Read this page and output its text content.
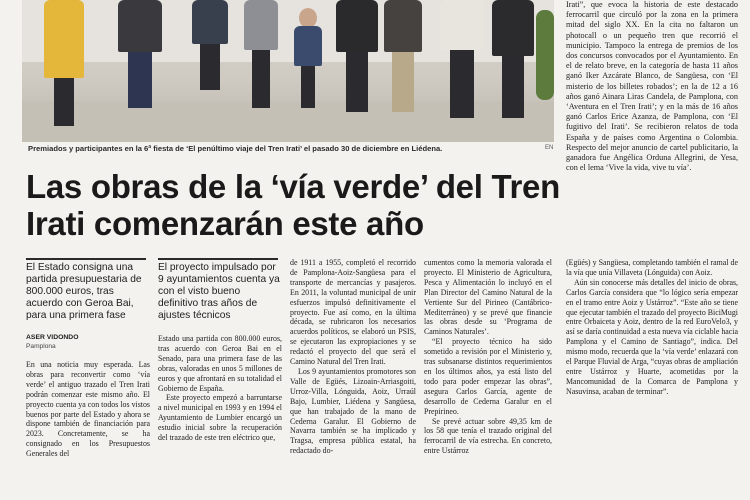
Premiados y participantes en la 6ª fiesta de ‘El penúltimo viaje del Tren Irati’ el pasado 30 de diciembre en Liédena.	EN
Irati”, que evoca la historia de este destacado ferrocarril que circuló por la zona en la primera mitad del siglo XX. En la cita no faltaron un photocall o un pequeño tren que recorrió el municipio. Tampoco la entrega de premios de los dos concursos convocados por el Ayuntamiento. En el de relato breve, en la categoría de hasta 11 años ganó Iker Azcárate Blanco, de Sangüesa, con ‘El misterio de los billetes robados’; en la de 12 a 16 años ganó Ainara Liras Candela, de Pamplona, con ‘Aventura en el Tren Irati’; y en la más de 16 años ganó Carlos Erice Azanza, de Pamplona, con ‘El fugitivo del Irati’. Se recibieron relatos de toda España y de países como Argentina o Colombia. Respecto del mejor anuncio de cartel publicitario, la ganadora fue Angélica Orduna Allegrini, de Yesa, con el lema ‘Vive la vida, vive tu vía’.
Las obras de la ‘vía verde’ del Tren Irati comenzarán este año
El Estado consigna una partida presupuestaria de 800.000 euros, tras acuerdo con Geroa Bai, para una primera fase
El proyecto impulsado por 9 ayuntamientos cuenta ya con el visto bueno definitivo tras años de ajustes técnicos
ASER VIDONDO
Pamplona
En una noticia muy esperada. Las obras para reconvertir como ‘vía verde’ el antiguo trazado el Tren Irati podrán comenzar este mismo año. El proyecto cuenta ya con todos los vistos buenos por parte del Estado y ahora se dispone también de financiación para 2023. Concretamente, se ha consignado en los Presupuestos Generales del
Estado una partida con 800.000 euros, tras acuerdo con Geroa Bai en el Senado, para una primera fase de las obras, valoradas en unos 5 millones de euros y que afrontará en su totalidad el Gobierno de España.
Este proyecto empezó a barruntarse a nivel municipal en 1993 y en 1994 el Ayuntamiento de Lumbier encargó un estudio inicial sobre la recuperación del trazado de este tren eléctrico que,
de 1911 a 1955, completó el recorrido de Pamplona-Aoiz-Sangüesa para el transporte de mercancías y pasajeros. En 2011, la voluntad municipal de unir esfuerzos impulsó definitivamente el proyecto. Fue así como, en la última década, se rubricaron los necesarios acuerdos políticos, se elaboró un PSIS, se ejecutaron las expropiaciones y se redactó el proyecto del que será el Camino Natural del Tren Irati.
Los 9 ayuntamientos promotores son Valle de Egüés, Lizoain-Arriasgoiti, Urroz-Villa, Lónguida, Aoiz, Urraúl Bajo, Lumbier, Liédena y Sangüesa, que han trabajado de la mano de Cederna Garalur. El Gobierno de Navarra también se ha implicado y Tragsa, empresa pública estatal, ha redactado do-
cumentos como la memoria valorada el proyecto. El Ministerio de Agricultura, Pesca y Alimentación lo incluyó en el Plan Director del Camino Natural de la Vertiente Sur del Pirineo (Cantábrico-Mediterráneo) y se prevé que financie las obras desde su ‘Programa de Caminos Naturales’.
“El proyecto técnico ha sido sometido a revisión por el Ministerio y, tras subsanarse distintos requerimientos en los últimos años, ya está listo del todo para poder empezar las obras”, asegura Carlos García, agente de desarrollo de Cederna Garalur en el Prepirineo.
Se prevé actuar sobre 49,35 km de los 58 que tenía el trazado original del ferrocarril de vía estrecha. En concreto, entre Ustárroz
(Egüés) y Sangüesa, completando también el ramal de la vía que unía Villaveta (Lónguida) con Aoiz.
Aún sin conocerse más detalles del inicio de obras, Carlos García considera que “lo lógico sería empezar en el tramo entre Aoiz y Ustárroz”. “Este año se tiene que ejecutar también el trazado del proyecto BiciMugi entre Orbaiceta y Aoiz, dentro de la red EuroVelo3, y así se daría continuidad a esta nueva vía ciclable hacia Pamplona y el Camino de Santiago”, indica. Del mismo modo, recuerda que la ‘vía verde’ enlazará con el Parque Fluvial de Arga, “cuyas obras de ampliación entre Ustárroz y Huarte, acometidas por la Mancomunidad de la Comarca de Pamplona y Nasuvinsa, acaban de terminar”.
